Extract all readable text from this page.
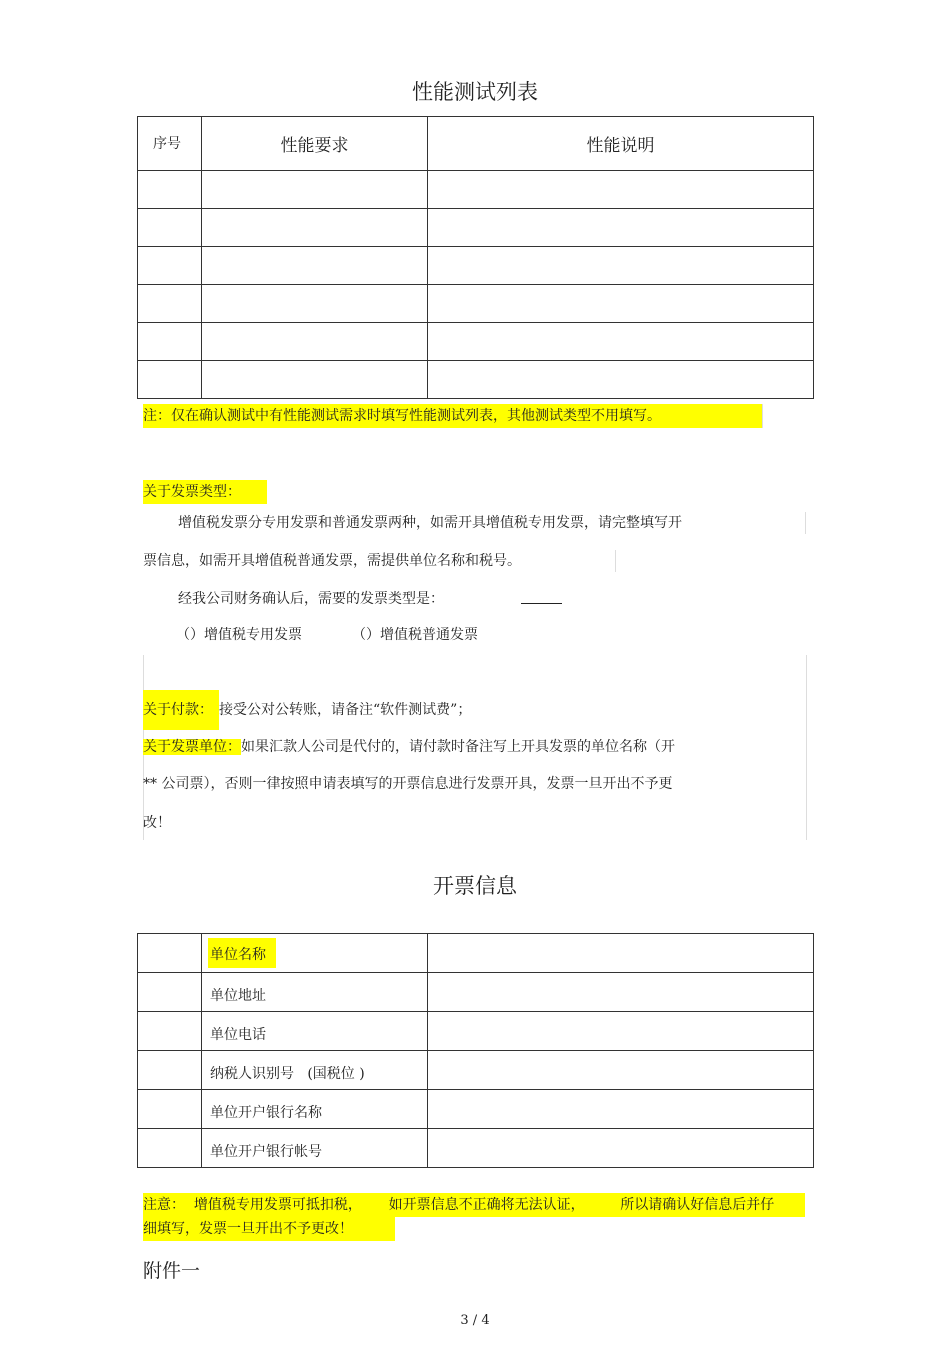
性能测试列表
序号	性能要求	性能说明

注：仅在确认测试中有性能测试需求时填写性能测试列表，其他测试类型不用填写。
关于发票类型：
增值税发票分专用发票和普通发票两种，如需开具增值税专用发票，请完整填写开
票信息，如需开具增值税普通发票，需提供单位名称和税号。
经我公司财务确认后，需要的发票类型是：
（）增值税专用发票	（）增值税普通发票
关于付款： 接受公对公转账，请备注“软件测试费”；
关于发票单位：如果汇款人公司是代付的，请付款时备注写上开具发票的单位名称（开
** 公司票），否则一律按照申请表填写的开票信息进行发票开具，发票一旦开出不予更
改！
开票信息

	单位名称	

	单位地址	

	单位电话	

	纳税人识别号   (国税位 )	

	单位开户银行名称	

	单位开户银行帐号	

注意：  增值税专用发票可抵扣税，      如开票信息不正确将无法认证，        所以请确认好信息后并仔
细填写，发票一旦开出不予更改！
附件一
3 / 4
